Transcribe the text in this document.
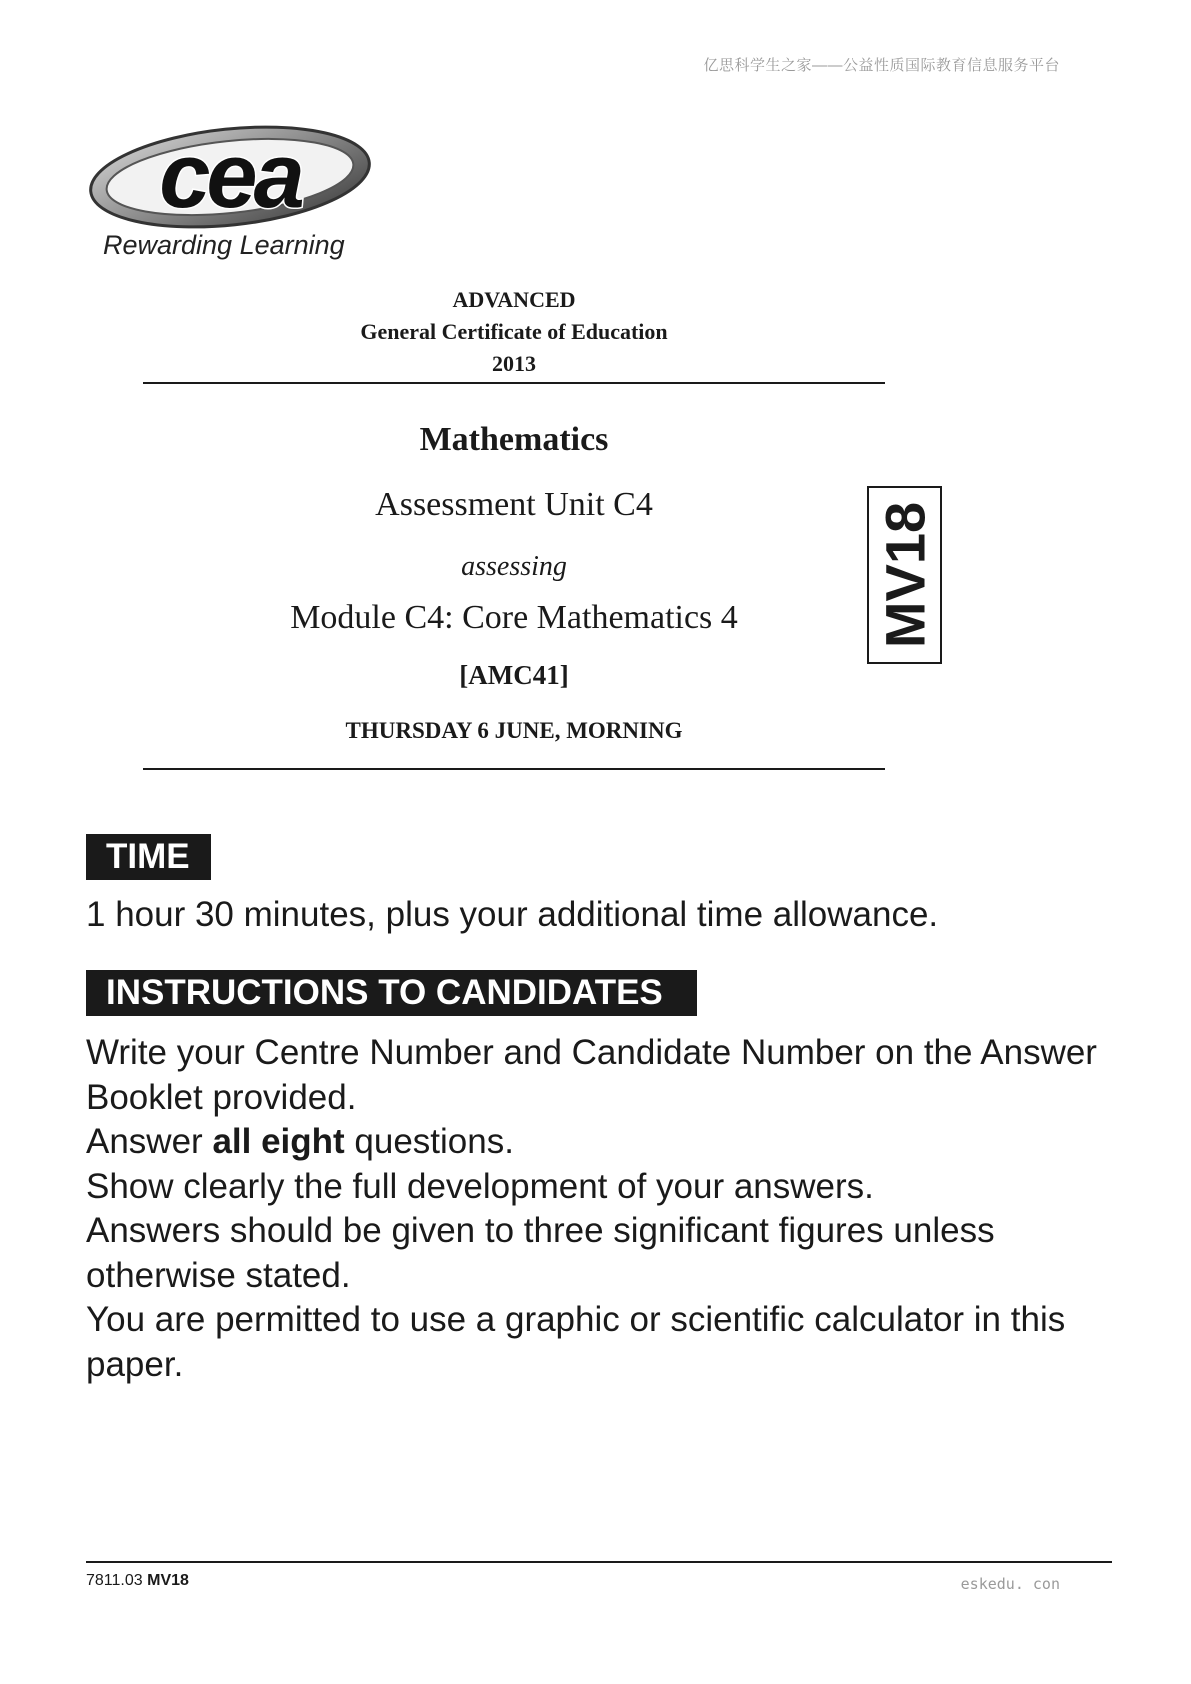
亿思科学生之家——公益性质国际教育信息服务平台
cea
Rewarding Learning
ADVANCED
General Certificate of Education
2013
Mathematics
Assessment Unit C4
assessing
Module C4: Core Mathematics 4
[AMC41]
THURSDAY 6 JUNE, MORNING
MV18
TIME
1 hour 30 minutes, plus your additional time allowance.
INSTRUCTIONS TO CANDIDATES

Write your Centre Number and Candidate Number on the Answer Booklet provided.

Answer all eight questions.

Show clearly the full development of your answers.

Answers should be given to three significant figures unless otherwise stated.

You are permitted to use a graphic or scientific calculator in this paper.

7811.03 MV18	eskedu. con
